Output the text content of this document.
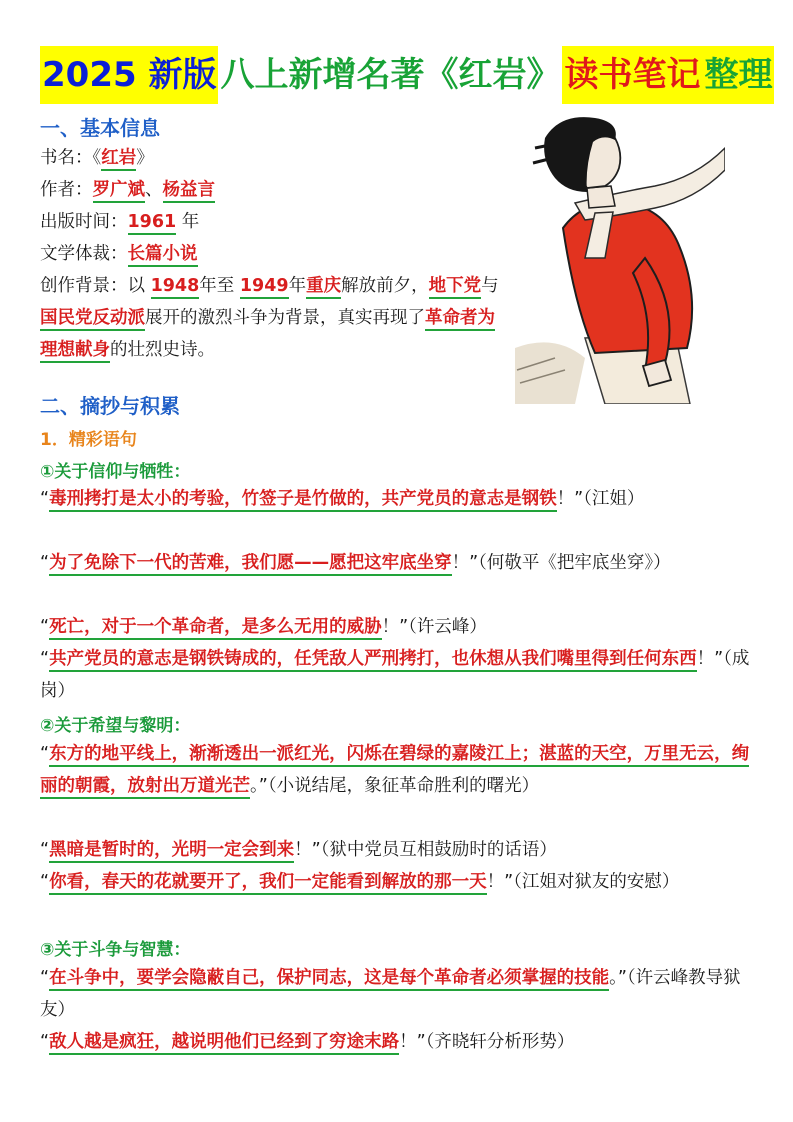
2025 新版 八上新增名著《红岩》 读书笔记 整理
一、基本信息
书名：《红岩》
作者：罗广斌、杨益言
出版时间：1961 年
文学体裁：长篇小说
创作背景：以 1948年至 1949年重庆解放前夕，地下党与国民党反动派展开的激烈斗争为背景，真实再现了革命者为理想献身的壮烈史诗。
二、摘抄与积累
1．精彩语句
①关于信仰与牺牲：
“毒刑拷打是太小的考验，竹签子是竹做的，共产党员的意志是钢铁！”（江姐）
“为了免除下一代的苦难，我们愿——愿把这牢底坐穿！”（何敬平《把牢底坐穿》）
“死亡，对于一个革命者，是多么无用的威胁！”（许云峰）
“共产党员的意志是钢铁铸成的，任凭敌人严刑拷打，也休想从我们嘴里得到任何东西！”（成岗）
②关于希望与黎明：
“东方的地平线上，渐渐透出一派红光，闪烁在碧绿的嘉陵江上；湛蓝的天空，万里无云，绚丽的朝霞，放射出万道光芒。”（小说结尾，象征革命胜利的曙光）
“黑暗是暂时的，光明一定会到来！”（狱中党员互相鼓励时的话语）
“你看，春天的花就要开了，我们一定能看到解放的那一天！”（江姐对狱友的安慰）
③关于斗争与智慧：
“在斗争中，要学会隐蔽自己，保护同志，这是每个革命者必须掌握的技能。”（许云峰教导狱友）
“敌人越是疯狂，越说明他们已经到了穷途末路！”（齐晓轩分析形势）
